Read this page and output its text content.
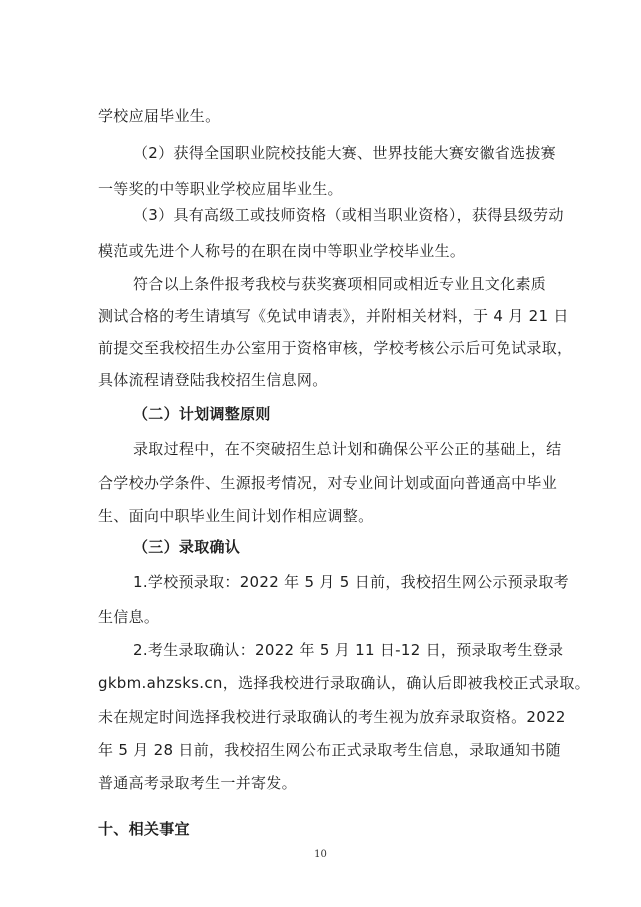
学校应届毕业生。

（2）获得全国职业院校技能大赛、世界技能大赛安徽省选拔赛

一等奖的中等职业学校应届毕业生。

（3）具有高级工或技师资格（或相当职业资格），获得县级劳动

模范或先进个人称号的在职在岗中等职业学校毕业生。

符合以上条件报考我校与获奖赛项相同或相近专业且文化素质

测试合格的考生请填写《免试申请表》，并附相关材料，于 4 月 21 日

前提交至我校招生办公室用于资格审核，学校考核公示后可免试录取，

具体流程请登陆我校招生信息网。

（二）计划调整原则

录取过程中，在不突破招生总计划和确保公平公正的基础上，结

合学校办学条件、生源报考情况，对专业间计划或面向普通高中毕业

生、面向中职毕业生间计划作相应调整。

（三）录取确认

1.学校预录取：2022 年 5 月 5 日前，我校招生网公示预录取考

生信息。

2.考生录取确认：2022 年 5 月 11 日-12 日，预录取考生登录

gkbm.ahzsks.cn，选择我校进行录取确认，确认后即被我校正式录取。

未在规定时间选择我校进行录取确认的考生视为放弃录取资格。2022

年 5 月 28 日前，我校招生网公布正式录取考生信息，录取通知书随

普通高考录取考生一并寄发。

十、相关事宜

10
